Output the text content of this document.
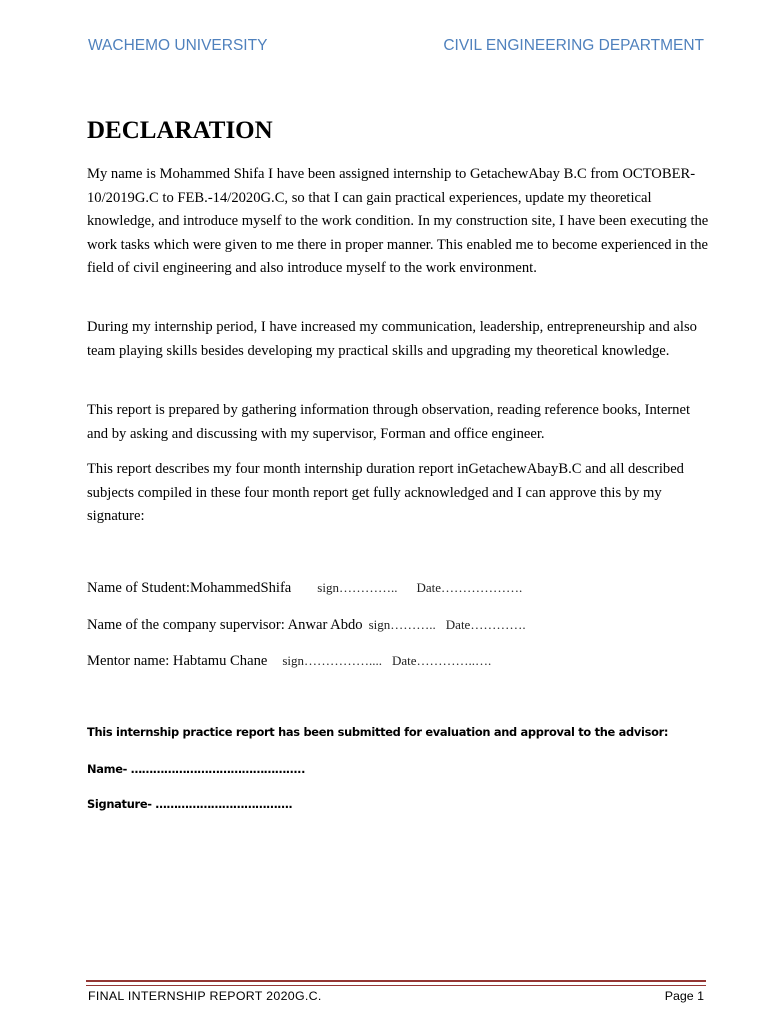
WACHEMO UNIVERSITY	CIVIL ENGINEERING DEPARTMENT
DECLARATION

My name is Mohammed Shifa I have been assigned internship to GetachewAbay B.C from OCTOBER-10/2019G.C to FEB.-14/2020G.C, so that I can gain practical experiences, update my theoretical knowledge, and introduce myself to the work condition. In my construction site, I have been executing the work tasks which were given to me there in proper manner. This enabled me to become experienced in the field of civil engineering and also introduce myself to the work environment.

During my internship period, I have increased my communication, leadership, entrepreneurship and also team playing skills besides developing my practical skills and upgrading my theoretical knowledge.

This report is prepared by gathering information through observation, reading reference books, Internet and by asking and discussing with my supervisor, Forman and office engineer.

This report describes my four month internship duration report inGetachewAbayB.C and all described subjects compiled in these four month report get fully acknowledged and I can approve this by my signature:

Name of Student:MohammedShifa sign………….. Date……………….
Name of the company supervisor: Anwar Abdo sign……….. Date………….
Mentor name: Habtamu Chane sign…………….... Date…………..….
This internship practice report has been submitted for evaluation and approval to the advisor:
Name- ………………………………………..
Signature- ……………………………….
FINAL INTERNSHIP REPORT 2020G.C.	Page 1
